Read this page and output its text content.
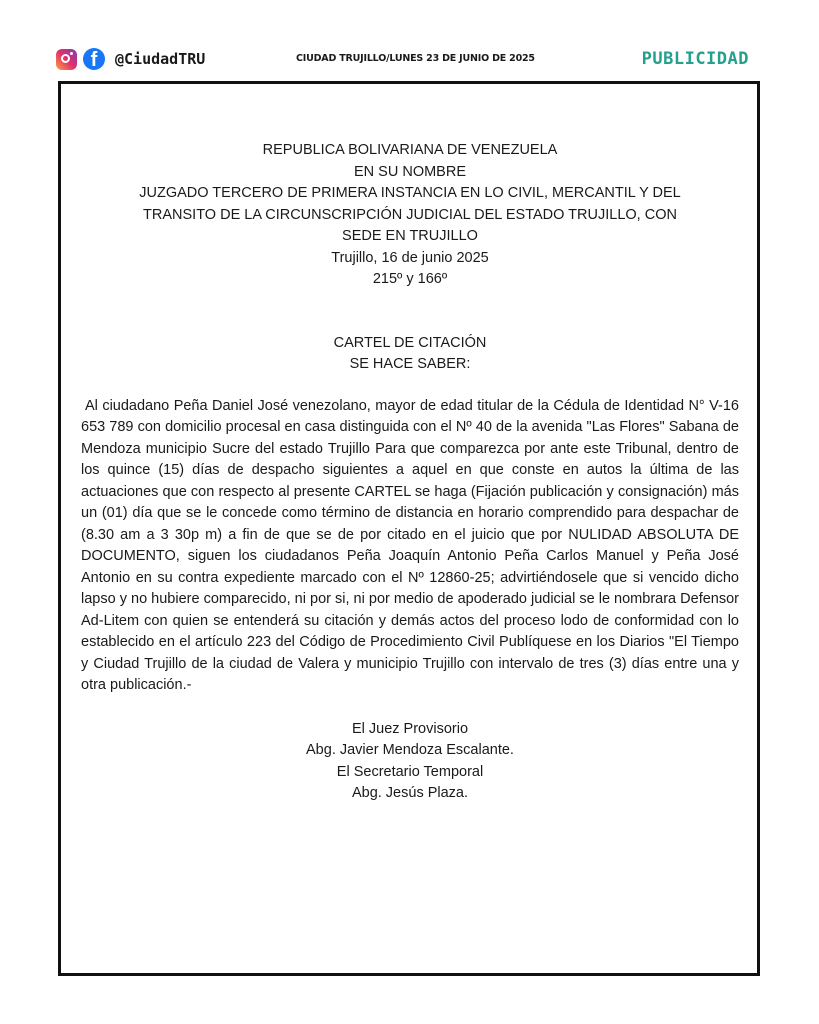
f	@CiudadTRU	CIUDAD TRUJILLO/LUNES 23 DE JUNIO DE 2025	PUBLICIDAD

REPUBLICA BOLIVARIANA DE VENEZUELA

EN SU NOMBRE

JUZGADO TERCERO DE PRIMERA INSTANCIA EN LO CIVIL, MERCANTIL Y DEL

TRANSITO DE LA CIRCUNSCRIPCIÓN JUDICIAL DEL ESTADO TRUJILLO, CON

SEDE EN TRUJILLO

Trujillo, 16 de junio 2025

215º y 166º

CARTEL DE CITACIÓN

SE HACE SABER:

Al ciudadano Peña Daniel José venezolano, mayor de edad titular de la Cédula de Identidad N° V-16 653 789 con domicilio procesal en casa distinguida con el Nº 40 de la avenida "Las Flores" Sabana de Mendoza municipio Sucre del estado Trujillo Para que comparezca por ante este Tribunal, dentro de los quince (15) días de despacho siguientes a aquel en que conste en autos la última de las actuaciones que con respecto al presente CARTEL se haga (Fijación publicación y consignación) más un (01) día que se le concede como término de distancia en horario comprendido para despachar de (8.30 am a 3 30p m) a fin de que se de por citado en el juicio que por NULIDAD ABSOLUTA DE DOCUMENTO, siguen los ciudadanos Peña Joaquín Antonio Peña Carlos Manuel y Peña José Antonio en su contra expediente marcado con el Nº 12860-25; advirtiéndosele que si vencido dicho lapso y no hubiere comparecido, ni por si, ni por medio de apoderado judicial se le nombrara Defensor Ad-Litem con quien se entenderá su citación y demás actos del proceso lodo de conformidad con lo establecido en el artículo 223 del Código de Procedimiento Civil Publíquese en los Diarios "El Tiempo y Ciudad Trujillo de la ciudad de Valera y municipio Trujillo con intervalo de tres (3) días entre una y otra publicación.-

El Juez Provisorio

Abg. Javier Mendoza Escalante.

El Secretario Temporal

Abg. Jesús Plaza.
